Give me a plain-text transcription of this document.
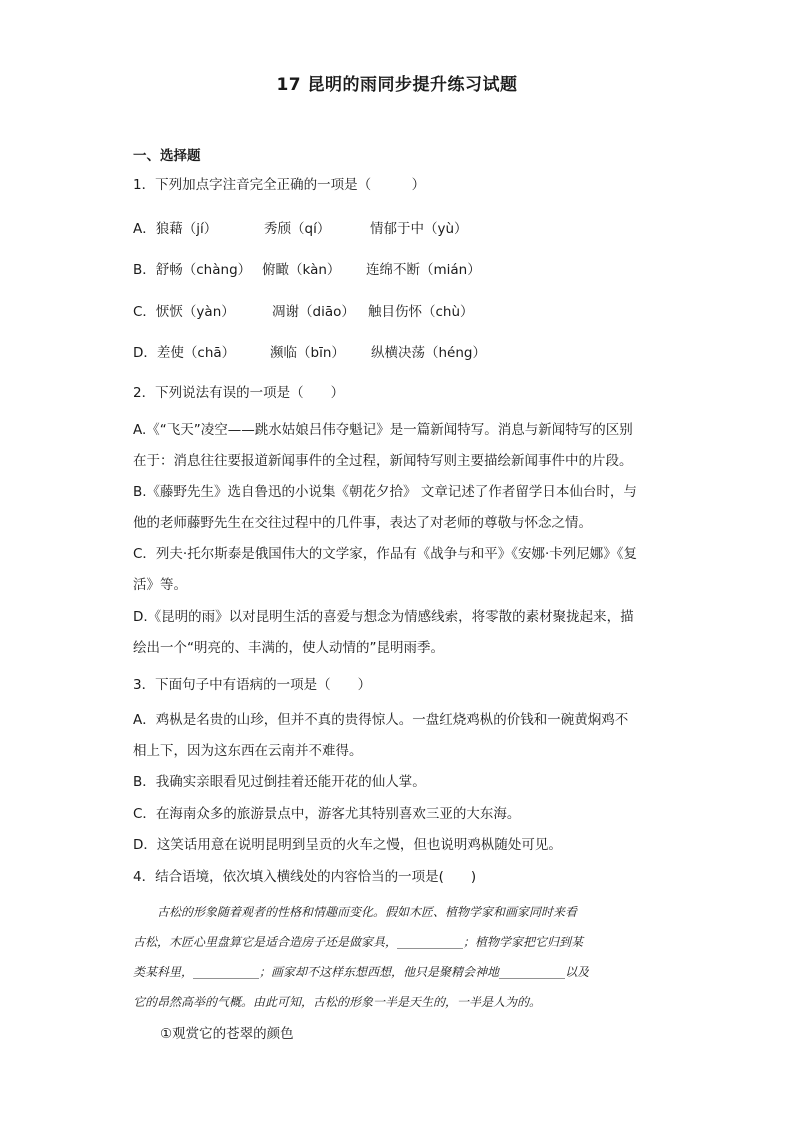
17 昆明的雨同步提升练习试题
一、选择题
1．下列加点字注音完全正确的一项是（　　　）
A．狼藉（jí）	秀颀（qí）	情郁于中（yù）
B．舒畅（chàng） 俯瞰（kàn） 连绵不断（mián）
C．恹恹（yàn）	凋谢（diāo） 触目伤怀（chù）
D．差使（chā）	濒临（bīn） 纵横决荡（héng）
2．下列说法有误的一项是（　　）
A.《“飞天”凌空——跳水姑娘吕伟夺魁记》是一篇新闻特写。消息与新闻特写的区别
在于：消息往往要报道新闻事件的全过程，新闻特写则主要描绘新闻事件中的片段。
B.《藤野先生》选自鲁迅的小说集《朝花夕拾》 文章记述了作者留学日本仙台时，与
他的老师藤野先生在交往过程中的几件事，表达了对老师的尊敬与怀念之情。
C．列夫·托尔斯泰是俄国伟大的文学家，作品有《战争与和平》《安娜·卡列尼娜》《复
活》等。
D.《昆明的雨》以对昆明生活的喜爱与想念为情感线索，将零散的素材聚拢起来，描
绘出一个“明亮的、丰满的，使人动情的”昆明雨季。
3．下面句子中有语病的一项是（　　）
A．鸡枞是名贵的山珍，但并不真的贵得惊人。一盘红烧鸡枞的价钱和一碗黄焖鸡不
相上下，因为这东西在云南并不难得。
B．我确实亲眼看见过倒挂着还能开花的仙人掌。
C．在海南众多的旅游景点中，游客尤其特别喜欢三亚的大东海。
D．这笑话用意在说明昆明到呈贡的火车之慢，但也说明鸡枞随处可见。
4．结合语境，依次填入横线处的内容恰当的一项是(　　)
　　古松的形象随着观者的性格和情趣而变化。假如木匠、植物学家和画家同时来看
古松，木匠心里盘算它是适合造房子还是做家具，___________；植物学家把它归到某
类某科里，___________；画家却不这样东想西想，他只是聚精会神地___________以及
它的昂然高举的气概。由此可知，古松的形象一半是天生的，一半是人为的。
①观赏它的苍翠的颜色
